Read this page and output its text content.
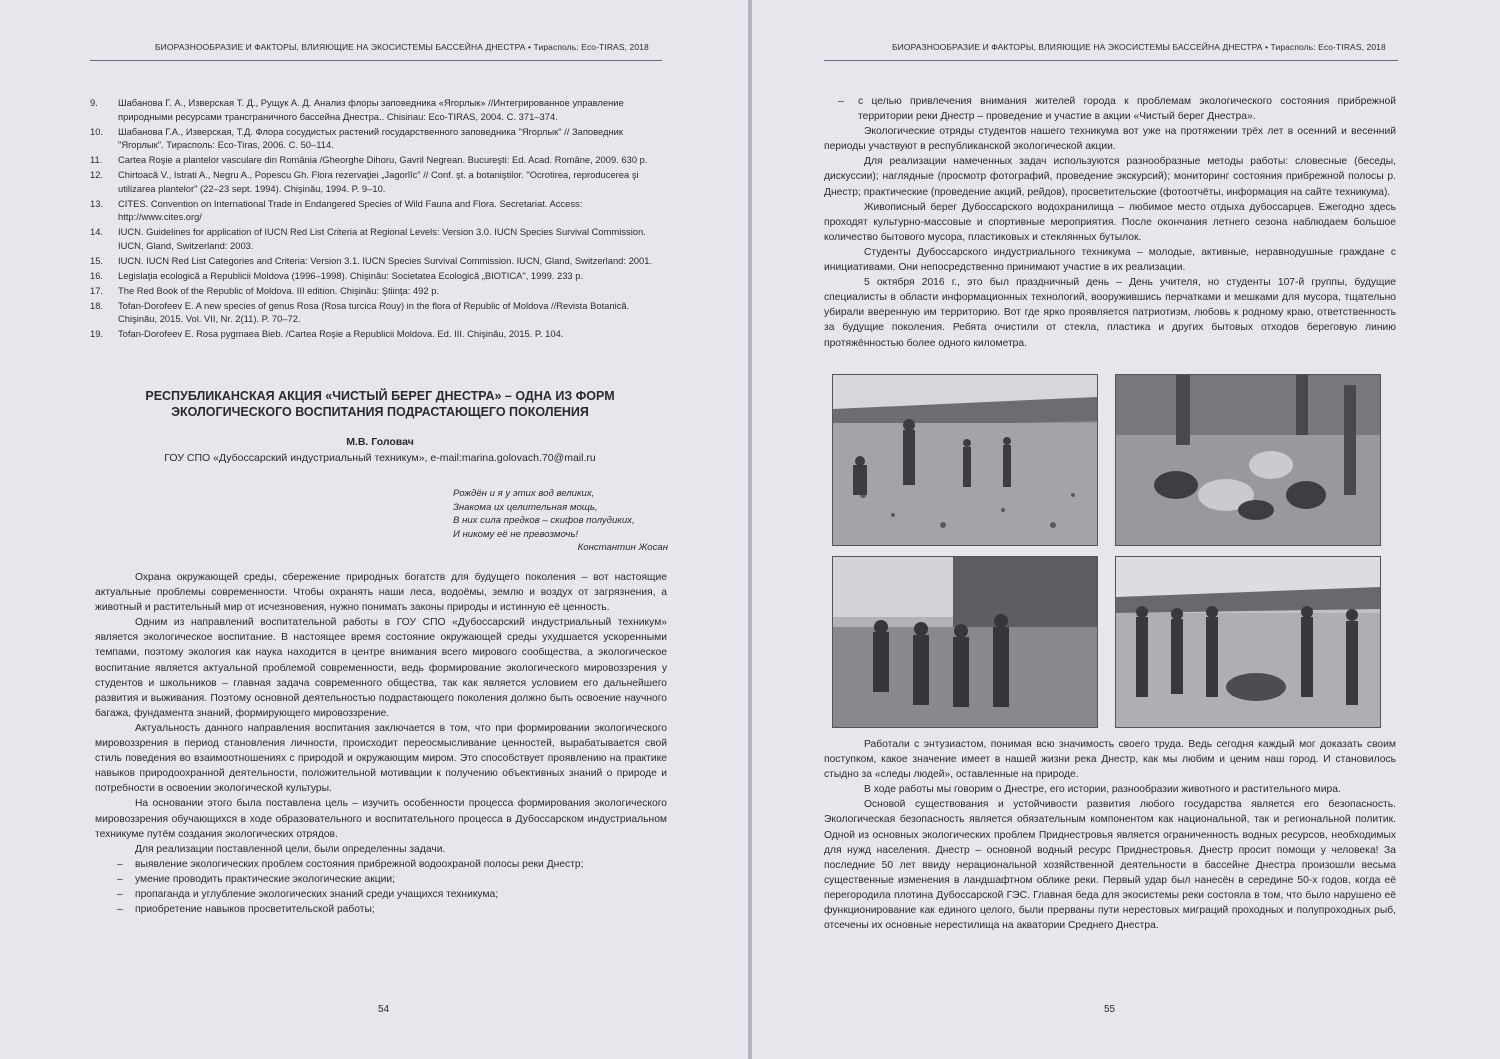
БИОРАЗНООБРАЗИЕ И ФАКТОРЫ, ВЛИЯЮЩИЕ НА ЭКОСИСТЕМЫ БАССЕЙНА ДНЕСТРА • Тирасполь: Eco-TIRAS, 2018
9. Шабанова Г. А., Изверская Т. Д., Рущук А. Д. Анализ флоры заповедника «Ягорлык» //Интегрированное управление природными ресурсами трансграничного бассейна Днестра.. Chisinau: Eco-TIRAS, 2004. C. 371–374.
10. Шабанова Г.А., Изверская, Т.Д. Флора сосудистых растений государственного заповедника "Ягорлык" // Заповедник "Ягорлык". Тирасполь: Eco-Tiras, 2006. С. 50–114.
11. Cartea Roşie a plantelor vasculare din România /Gheorghe Dihoru, Gavril Negrean. Bucureşti: Ed. Acad. Române, 2009. 630 p.
12. Chirtoacă V., Istrati A., Negru A., Popescu Gh. Flora rezervaţiei „Jagorlîc" // Conf. şt. a botaniştilor. "Ocrotirea, reproducerea şi utilizarea plantelor" (22–23 sept. 1994). Chişinău, 1994. P. 9–10.
13. CITES. Convention on International Trade in Endangered Species of Wild Fauna and Flora. Secretariat. Access: http://www.cites.org/
14. IUCN. Guidelines for application of IUCN Red List Criteria at Regional Levels: Version 3.0. IUCN Species Survival Commission. IUCN, Gland, Switzerland: 2003.
15. IUCN. IUCN Red List Categories and Criteria: Version 3.1. IUCN Species Survival Commission. IUCN, Gland, Switzerland: 2001.
16. Legislaţia ecologică a Republicii Moldova (1996–1998). Chişinău: Societatea Ecologică „BIOTICA", 1999. 233 p.
17. The Red Book of the Republic of Moldova. III edition. Chişinău: Ştiinţa: 492 p.
18. Tofan-Dorofeev E. A new species of genus Rosa (Rosa turcica Rouy) in the flora of Republic of Moldova //Revista Botanică. Chişinău, 2015. Vol. VII, Nr. 2(11). P. 70–72.
19. Tofan-Dorofeev E. Rosa pygmaea Bieb. /Cartea Roşie a Republicii Moldova. Ed. III. Chişinău, 2015. P. 104.
РЕСПУБЛИКАНСКАЯ АКЦИЯ «ЧИСТЫЙ БЕРЕГ ДНЕСТРА» – ОДНА ИЗ ФОРМ ЭКОЛОГИЧЕСКОГО ВОСПИТАНИЯ ПОДРАСТАЮЩЕГО ПОКОЛЕНИЯ
М.В. Головач
ГОУ СПО «Дубоссарский индустриальный техникум», e-mail:marina.golovach.70@mail.ru
Рождён и я у этих вод великих,
Знакома их целительная мощь,
В них сила предков – скифов полудиких,
И никому её не превозмочь!
Константин Жосан

Охрана окружающей среды, сбережение природных богатств для будущего поколения – вот настоящие актуальные проблемы современности. Чтобы охранять наши леса, водоёмы, землю и воздух от загрязнения, а животный и растительный мир от исчезновения, нужно понимать законы природы и истинную её ценность.

Одним из направлений воспитательной работы в ГОУ СПО «Дубоссарский индустриальный техникум» является экологическое воспитание. В настоящее время состояние окружающей среды ухудшается ускоренными темпами, поэтому экология как наука находится в центре внимания всего мирового сообщества, а экологическое воспитание является актуальной проблемой современности, ведь формирование экологического мировоззрения у студентов и школьников – главная задача современного общества, так как является условием его дальнейшего развития и выживания. Поэтому основной деятельностью подрастающего поколения должно быть освоение научного багажа, фундамента знаний, формирующего мировоззрение.

Актуальность данного направления воспитания заключается в том, что при формировании экологического мировоззрения в период становления личности, происходит переосмысливание ценностей, вырабатывается свой стиль поведения во взаимоотношениях с природой и окружающим миром. Это способствует проявлению на практике навыков природоохранной деятельности, положительной мотивации к получению объективных знаний о природе и потребности в освоении экологической культуры.

На основании этого была поставлена цель – изучить особенности процесса формирования экологического мировоззрения обучающихся в ходе образовательного и воспитательного процесса в Дубоссарском индустриальном техникуме путём создания экологических отрядов.

Для реализации поставленной цели, были определенны задачи.

– выявление экологических проблем состояния прибрежной водоохраной полосы реки Днестр;
– умение проводить практические экологические акции;
– пропаганда и углубление экологических знаний среди учащихся техникума;
– приобретение навыков просветительской работы;
54
БИОРАЗНООБРАЗИЕ И ФАКТОРЫ, ВЛИЯЮЩИЕ НА ЭКОСИСТЕМЫ БАССЕЙНА ДНЕСТРА • Тирасполь: Eco-TIRAS, 2018
– с целью привлечения внимания жителей города к проблемам экологического состояния прибрежной территории реки Днестр – проведение и участие в акции «Чистый берег Днестра».

Экологические отряды студентов нашего техникума вот уже на протяжении трёх лет в осенний и весенний периоды участвуют в республиканской экологической акции.

Для реализации намеченных задач используются разнообразные методы работы: словесные (беседы, дискуссии); наглядные (просмотр фотографий, проведение экскурсий); мониторинг состояния прибрежной полосы р. Днестр; практические (проведение акций, рейдов), просветительские (фотоотчёты, информация на сайте техникума).

Живописный берег Дубоссарского водохранилища – любимое место отдыха дубоссарцев. Ежегодно здесь проходят культурно-массовые и спортивные мероприятия. После окончания летнего сезона наблюдаем большое количество бытового мусора, пластиковых и стеклянных бутылок.

Студенты Дубоссарского индустриального техникума – молодые, активные, неравнодушные граждане с инициативами. Они непосредственно принимают участие в их реализации.

5 октября 2016 г., это был праздничный день – День учителя, но студенты 107-й группы, будущие специалисты в области информационных технологий, вооружившись перчатками и мешками для мусора, тщательно убирали вверенную им территорию. Вот где ярко проявляется патриотизм, любовь к родному краю, ответственность за будущие поколения. Ребята очистили от стекла, пластика и других бытовых отходов береговую линию протяжённостью более одного километра.

Работали с энтузиастом, понимая всю значимость своего труда. Ведь сегодня каждый мог доказать своим поступком, какое значение имеет в нашей жизни река Днестр, как мы любим и ценим наш город. И становилось стыдно за «следы людей», оставленные на природе.

В ходе работы мы говорим о Днестре, его истории, разнообразии животного и растительного мира.

Основой существования и устойчивости развития любого государства является его безопасность. Экологическая безопасность является обязательным компонентом как национальной, так и региональной политик. Одной из основных экологических проблем Приднестровья является ограниченность водных ресурсов, необходимых для нужд населения. Днестр – основной водный ресурс Приднестровья. Днестр просит помощи у человека! За последние 50 лет ввиду нерациональной хозяйственной деятельности в бассейне Днестра произошли весьма существенные изменения в ландшафтном облике реки. Первый удар был нанесён в середине 50-х годов, когда её перегородила плотина Дубоссарской ГЭС. Главная беда для экосистемы реки состояла в том, что было нарушено её функционирование как единого целого, были прерваны пути нерестовых миграций проходных и полупроходных рыб, отсечены их основные нерестилища на акватории Среднего Днестра.

55
